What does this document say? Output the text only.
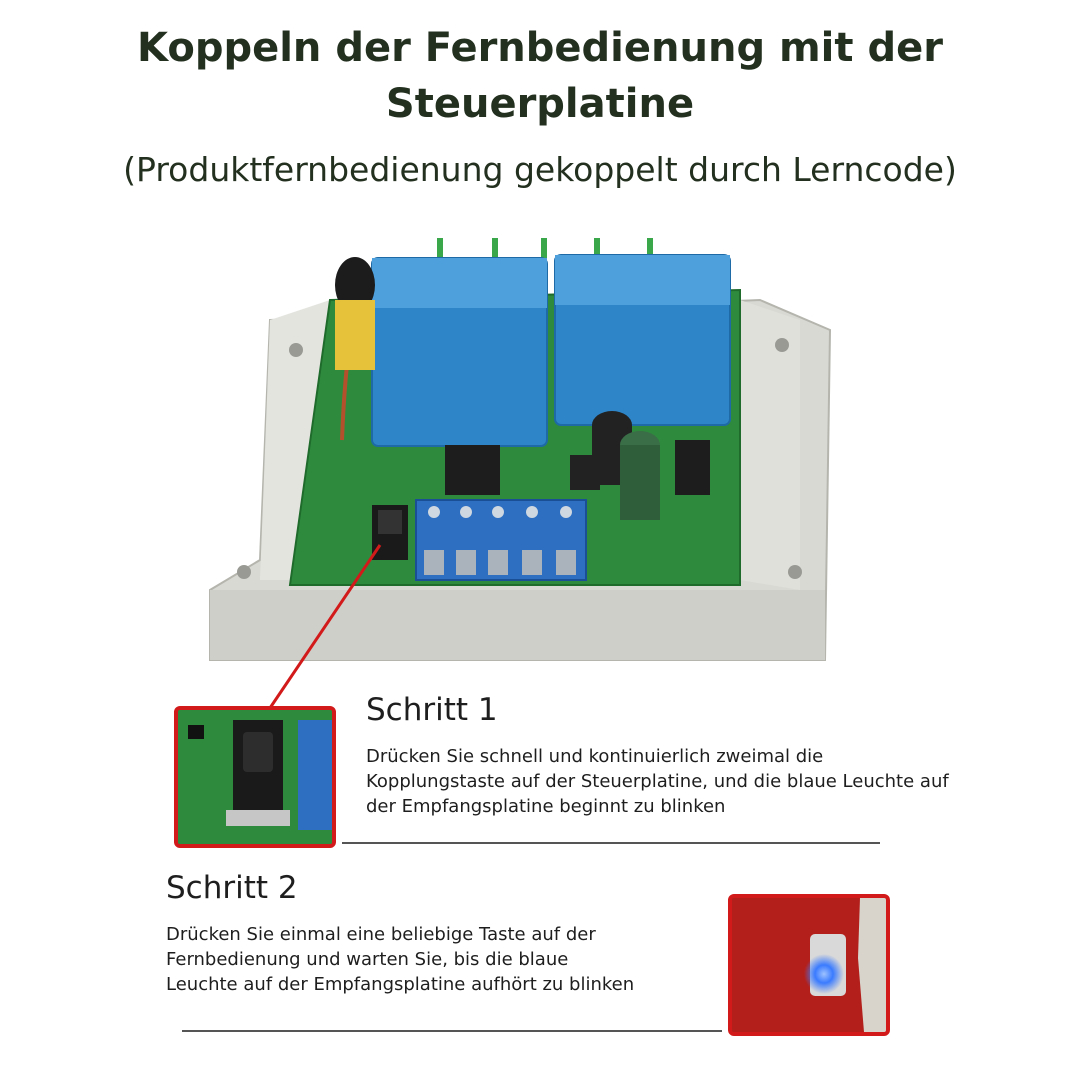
Koppeln der Fernbedienung mit der
Steuerplatine
(Produktfernbedienung gekoppelt durch Lerncode)
Schritt 1
Drücken Sie schnell und kontinuierlich zweimal die
Kopplungstaste auf der Steuerplatine, und die blaue Leuchte auf
der Empfangsplatine beginnt zu blinken
Schritt 2
Drücken Sie einmal eine beliebige Taste auf der
Fernbedienung und warten Sie, bis die blaue
Leuchte auf der Empfangsplatine aufhört zu blinken
